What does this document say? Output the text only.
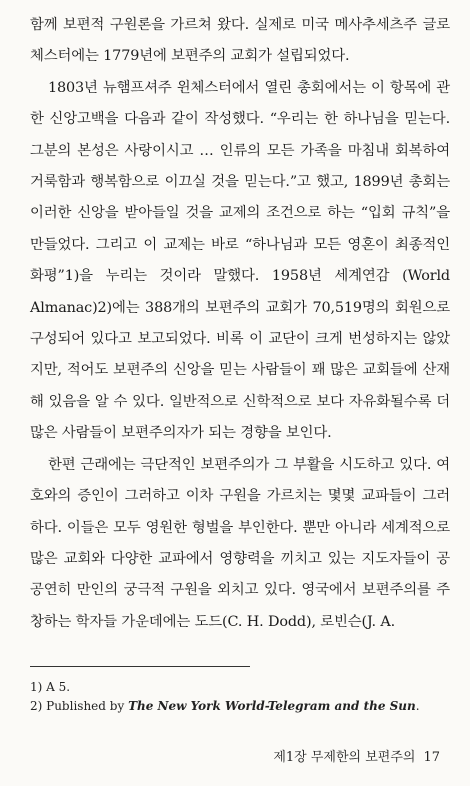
함께 보편적 구원론을 가르쳐 왔다. 실제로 미국 메사추세츠주 글로체스터에는 1779년에 보편주의 교회가 설립되었다.

1803년 뉴햄프셔주 윈체스터에서 열린 총회에서는 이 항목에 관한 신앙고백을 다음과 같이 작성했다. “우리는 한 하나님을 믿는다. 그분의 본성은 사랑이시고 … 인류의 모든 가족을 마침내 회복하여 거룩함과 행복함으로 이끄실 것을 믿는다.”고 했고, 1899년 총회는 이러한 신앙을 받아들일 것을 교제의 조건으로 하는 “입회 규칙”을 만들었다. 그리고 이 교제는 바로 “하나님과 모든 영혼이 최종적인 화평”1)을 누리는 것이라 말했다. 1958년 세계연감 (World Almanac)2)에는 388개의 보편주의 교회가 70,519명의 회원으로 구성되어 있다고 보고되었다. 비록 이 교단이 크게 번성하지는 않았지만, 적어도 보편주의 신앙을 믿는 사람들이 꽤 많은 교회들에 산재해 있음을 알 수 있다. 일반적으로 신학적으로 보다 자유화될수록 더 많은 사람들이 보편주의자가 되는 경향을 보인다.

한편 근래에는 극단적인 보편주의가 그 부활을 시도하고 있다. 여호와의 증인이 그러하고 이차 구원을 가르치는 몇몇 교파들이 그러하다. 이들은 모두 영원한 형벌을 부인한다. 뿐만 아니라 세계적으로 많은 교회와 다양한 교파에서 영향력을 끼치고 있는 지도자들이 공공연히 만인의 궁극적 구원을 외치고 있다. 영국에서 보편주의를 주창하는 학자들 가운데에는 도드(C. H. Dodd), 로빈슨(J. A.

1) A 5.

2) Published by The New York World-Telegram and the Sun.

제1장 무제한의 보편주의 17
